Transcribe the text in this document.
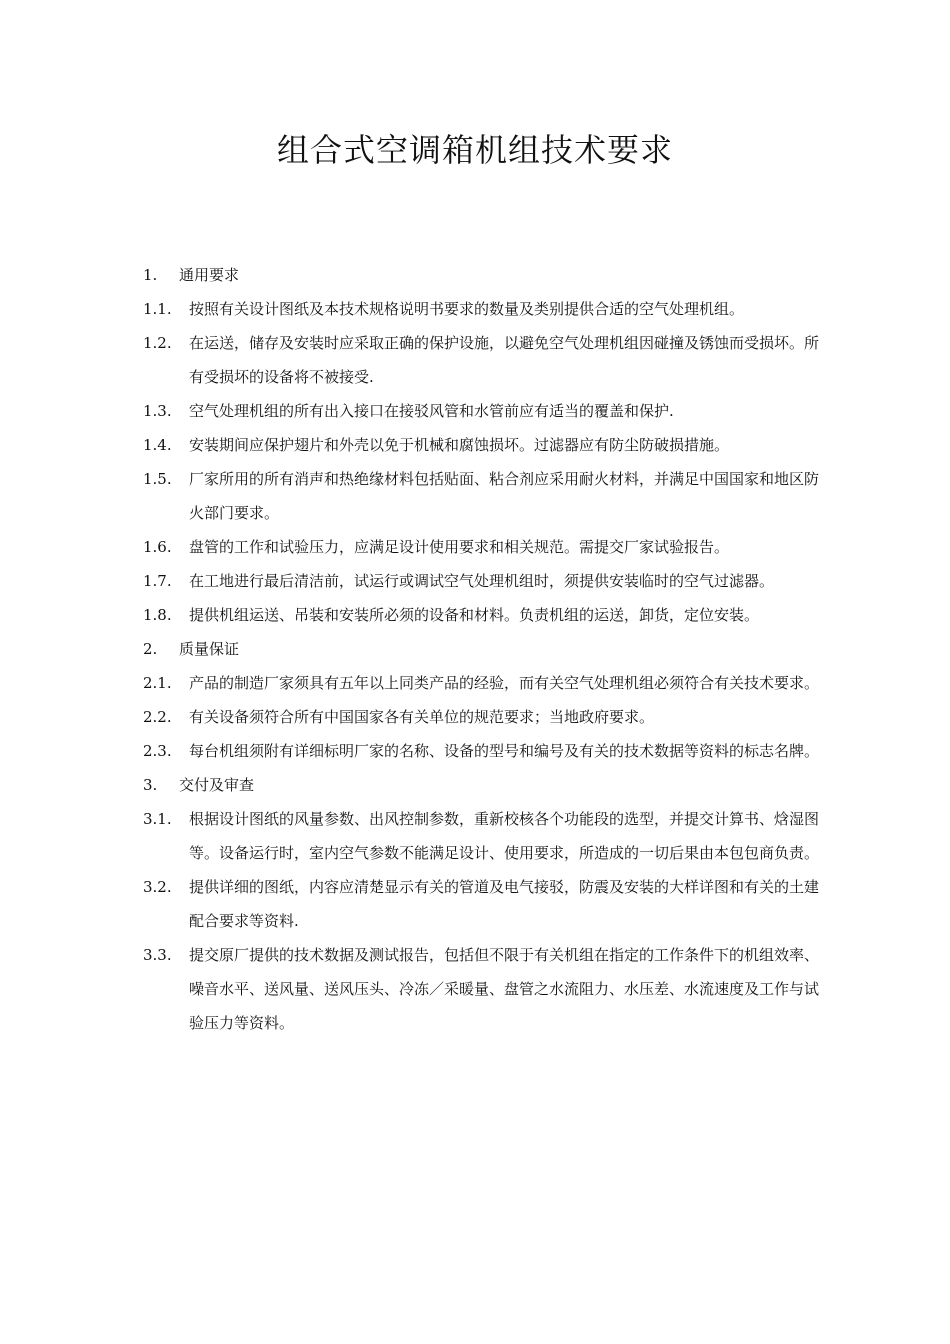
组合式空调箱机组技术要求
1. 通用要求
1.1. 按照有关设计图纸及本技术规格说明书要求的数量及类别提供合适的空气处理机组。
1.2. 在运送，储存及安装时应采取正确的保护设施，以避免空气处理机组因碰撞及锈蚀而受损坏。所有受损坏的设备将不被接受.
1.3. 空气处理机组的所有出入接口在接驳风管和水管前应有适当的覆盖和保护.
1.4. 安装期间应保护翅片和外壳以免于机械和腐蚀损坏。过滤器应有防尘防破损措施。
1.5. 厂家所用的所有消声和热绝缘材料包括贴面、粘合剂应采用耐火材料，并满足中国国家和地区防火部门要求。
1.6. 盘管的工作和试验压力，应满足设计使用要求和相关规范。需提交厂家试验报告。
1.7. 在工地进行最后清洁前，试运行或调试空气处理机组时，须提供安装临时的空气过滤器。
1.8. 提供机组运送、吊装和安装所必须的设备和材料。负责机组的运送，卸货，定位安装。
2. 质量保证
2.1. 产品的制造厂家须具有五年以上同类产品的经验，而有关空气处理机组必须符合有关技术要求。
2.2. 有关设备须符合所有中国国家各有关单位的规范要求；当地政府要求。
2.3. 每台机组须附有详细标明厂家的名称、设备的型号和编号及有关的技术数据等资料的标志名牌。
3. 交付及审查
3.1. 根据设计图纸的风量参数、出风控制参数，重新校核各个功能段的选型，并提交计算书、焓湿图等。设备运行时，室内空气参数不能满足设计、使用要求，所造成的一切后果由本包包商负责。
3.2. 提供详细的图纸，内容应清楚显示有关的管道及电气接驳，防震及安装的大样详图和有关的土建配合要求等资料.
3.3. 提交原厂提供的技术数据及测试报告，包括但不限于有关机组在指定的工作条件下的机组效率、噪音水平、送风量、送风压头、冷冻／采暖量、盘管之水流阻力、水压差、水流速度及工作与试验压力等资料。
